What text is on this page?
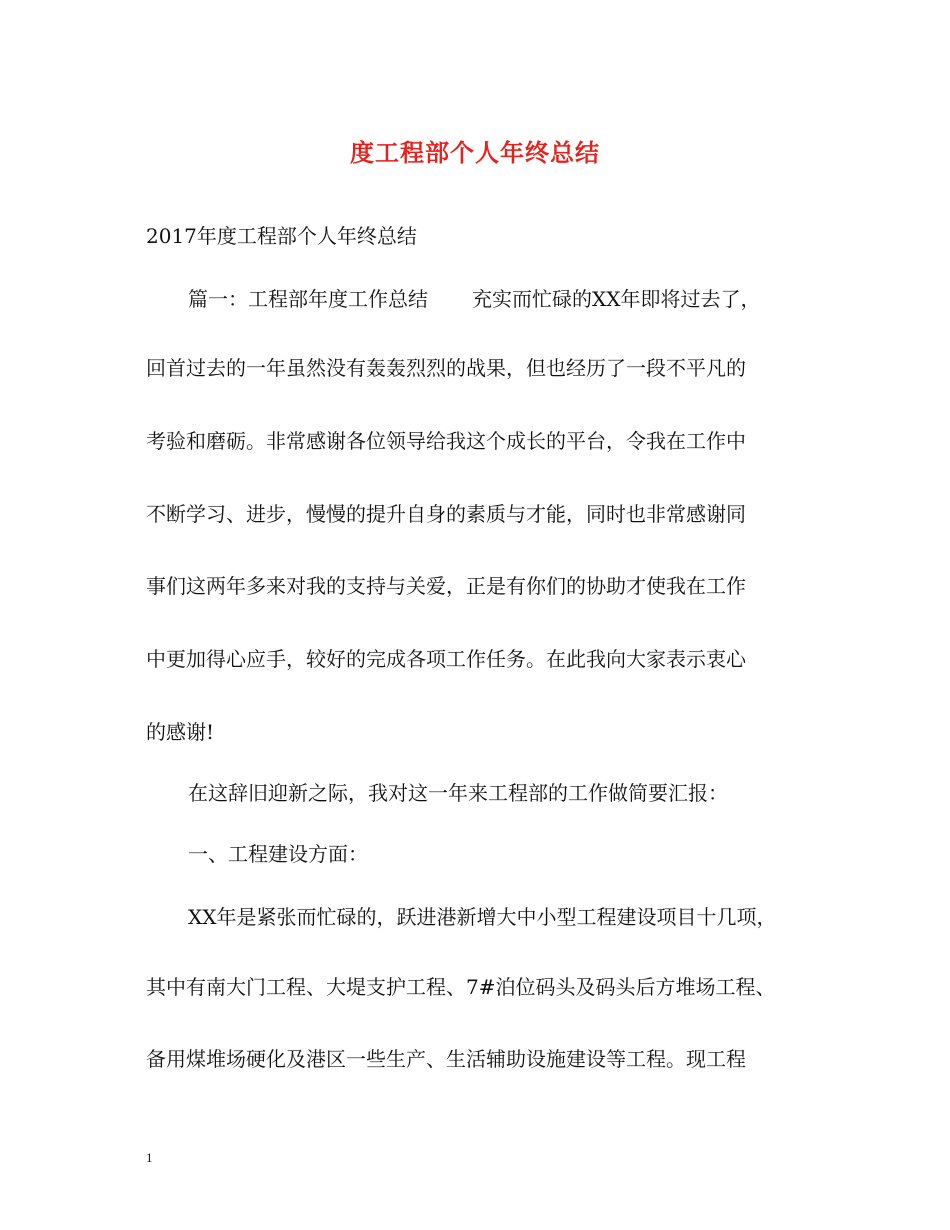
度工程部个人年终总结
2017年度工程部个人年终总结
篇一：工程部年度工作总结 充实而忙碌的XX年即将过去了，
回首过去的一年虽然没有轰轰烈烈的战果，但也经历了一段不平凡的
考验和磨砺。非常感谢各位领导给我这个成长的平台，令我在工作中
不断学习、进步，慢慢的提升自身的素质与才能，同时也非常感谢同
事们这两年多来对我的支持与关爱，正是有你们的协助才使我在工作
中更加得心应手，较好的完成各项工作任务。在此我向大家表示衷心
的感谢!
在这辞旧迎新之际，我对这一年来工程部的工作做简要汇报：
一、工程建设方面：
XX年是紧张而忙碌的，跃进港新增大中小型工程建设项目十几项，
其中有南大门工程、大堤支护工程、7#泊位码头及码头后方堆场工程、
备用煤堆场硬化及港区一些生产、生活辅助设施建设等工程。现工程
1
